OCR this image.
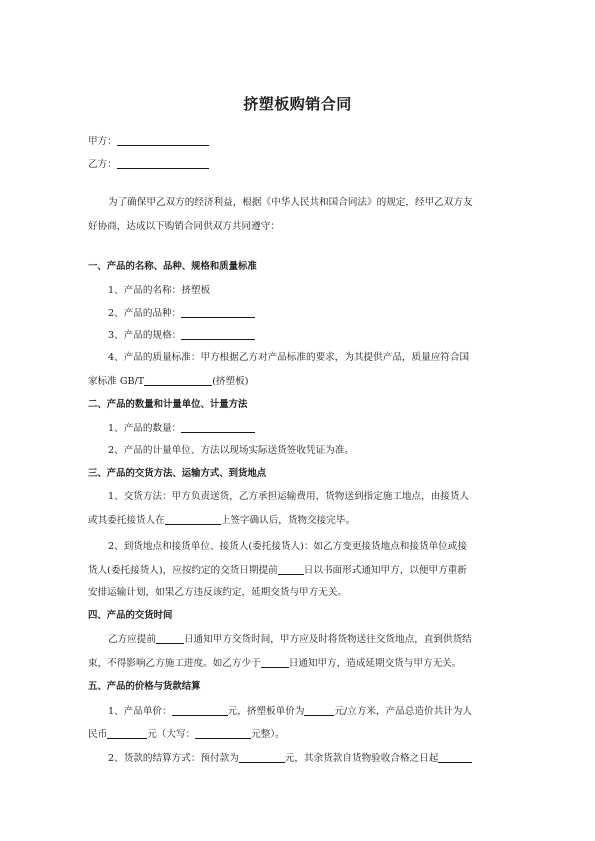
挤塑板购销合同
甲方：
乙方：
为了确保甲乙双方的经济利益，根据《中华人民共和国合同法》的规定，经甲乙双方友
好协商，达成以下购销合同供双方共同遵守：
一、产品的名称、品种、规格和质量标准
1、产品的名称：挤塑板
2、产品的品种：
3、产品的规格：
4、产品的质量标准：甲方根据乙方对产品标准的要求，为其提供产品，质量应符合国
家标准 GB/T	(挤塑板)
二、产品的数量和计量单位、计量方法
1、产品的数量：
2、产品的计量单位、方法以现场实际送货签收凭证为准。
三、产品的交货方法、运输方式、到货地点
1、交货方法：甲方负责送货，乙方承担运输费用，货物送到指定施工地点，由接货人
或其委托接货人在	上签字确认后，货物交接完毕。
2、到货地点和接货单位、接货人(委托接货人)：如乙方变更接货地点和接货单位或接
货人(委托接货人)，应按约定的交货日期提前	日以书面形式通知甲方，以便甲方重新
安排运输计划，如果乙方违反该约定，延期交货与甲方无关。
四、产品的交货时间
乙方应提前	日通知甲方交货时间，甲方应及时将货物送往交货地点，直到供货结
束，不得影响乙方施工进度。如乙方少于	日通知甲方，造成延期交货与甲方无关。
五、产品的价格与货款结算
1、产品单价：	元，挤塑板单价为	元/立方米，产品总造价共计为人
民币	元（大写：	元整）。
2、货款的结算方式：预付款为	元，其余货款自货物验收合格之日起
